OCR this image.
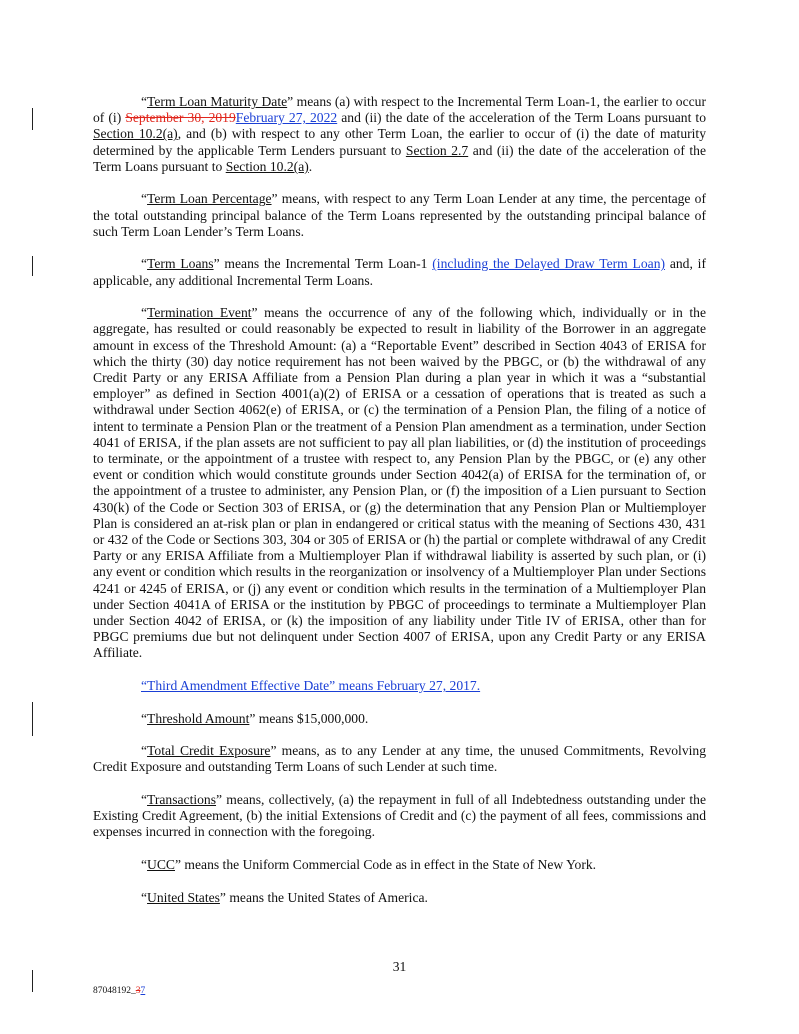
“Term Loan Maturity Date” means (a) with respect to the Incremental Term Loan-1, the earlier to occur of (i) September 30, 2019February 27, 2022 and (ii) the date of the acceleration of the Term Loans pursuant to Section 10.2(a), and (b) with respect to any other Term Loan, the earlier to occur of (i) the date of maturity determined by the applicable Term Lenders pursuant to Section 2.7 and (ii) the date of the acceleration of the Term Loans pursuant to Section 10.2(a).

“Term Loan Percentage” means, with respect to any Term Loan Lender at any time, the percentage of the total outstanding principal balance of the Term Loans represented by the outstanding principal balance of such Term Loan Lender’s Term Loans.

“Term Loans” means the Incremental Term Loan-1 (including the Delayed Draw Term Loan) and, if applicable, any additional Incremental Term Loans.

“Termination Event” means the occurrence of any of the following which, individually or in the aggregate, has resulted or could reasonably be expected to result in liability of the Borrower in an aggregate amount in excess of the Threshold Amount: (a) a “Reportable Event” described in Section 4043 of ERISA for which the thirty (30) day notice requirement has not been waived by the PBGC, or (b) the withdrawal of any Credit Party or any ERISA Affiliate from a Pension Plan during a plan year in which it was a “substantial employer” as defined in Section 4001(a)(2) of ERISA or a cessation of operations that is treated as such a withdrawal under Section 4062(e) of ERISA, or (c) the termination of a Pension Plan, the filing of a notice of intent to terminate a Pension Plan or the treatment of a Pension Plan amendment as a termination, under Section 4041 of ERISA, if the plan assets are not sufficient to pay all plan liabilities, or (d) the institution of proceedings to terminate, or the appointment of a trustee with respect to, any Pension Plan by the PBGC, or (e) any other event or condition which would constitute grounds under Section 4042(a) of ERISA for the termination of, or the appointment of a trustee to administer, any Pension Plan, or (f) the imposition of a Lien pursuant to Section 430(k) of the Code or Section 303 of ERISA, or (g) the determination that any Pension Plan or Multiemployer Plan is considered an at-risk plan or plan in endangered or critical status with the meaning of Sections 430, 431 or 432 of the Code or Sections 303, 304 or 305 of ERISA or (h) the partial or complete withdrawal of any Credit Party or any ERISA Affiliate from a Multiemployer Plan if withdrawal liability is asserted by such plan, or (i) any event or condition which results in the reorganization or insolvency of a Multiemployer Plan under Sections 4241 or 4245 of ERISA, or (j) any event or condition which results in the termination of a Multiemployer Plan under Section 4041A of ERISA or the institution by PBGC of proceedings to terminate a Multiemployer Plan under Section 4042 of ERISA, or (k) the imposition of any liability under Title IV of ERISA, other than for PBGC premiums due but not delinquent under Section 4007 of ERISA, upon any Credit Party or any ERISA Affiliate.

“Third Amendment Effective Date” means February 27, 2017.

“Threshold Amount” means $15,000,000.

“Total Credit Exposure” means, as to any Lender at any time, the unused Commitments, Revolving Credit Exposure and outstanding Term Loans of such Lender at such time.

“Transactions” means, collectively, (a) the repayment in full of all Indebtedness outstanding under the Existing Credit Agreement, (b) the initial Extensions of Credit and (c) the payment of all fees, commissions and expenses incurred in connection with the foregoing.

“UCC” means the Uniform Commercial Code as in effect in the State of New York.

“United States” means the United States of America.

31
87048192_37
